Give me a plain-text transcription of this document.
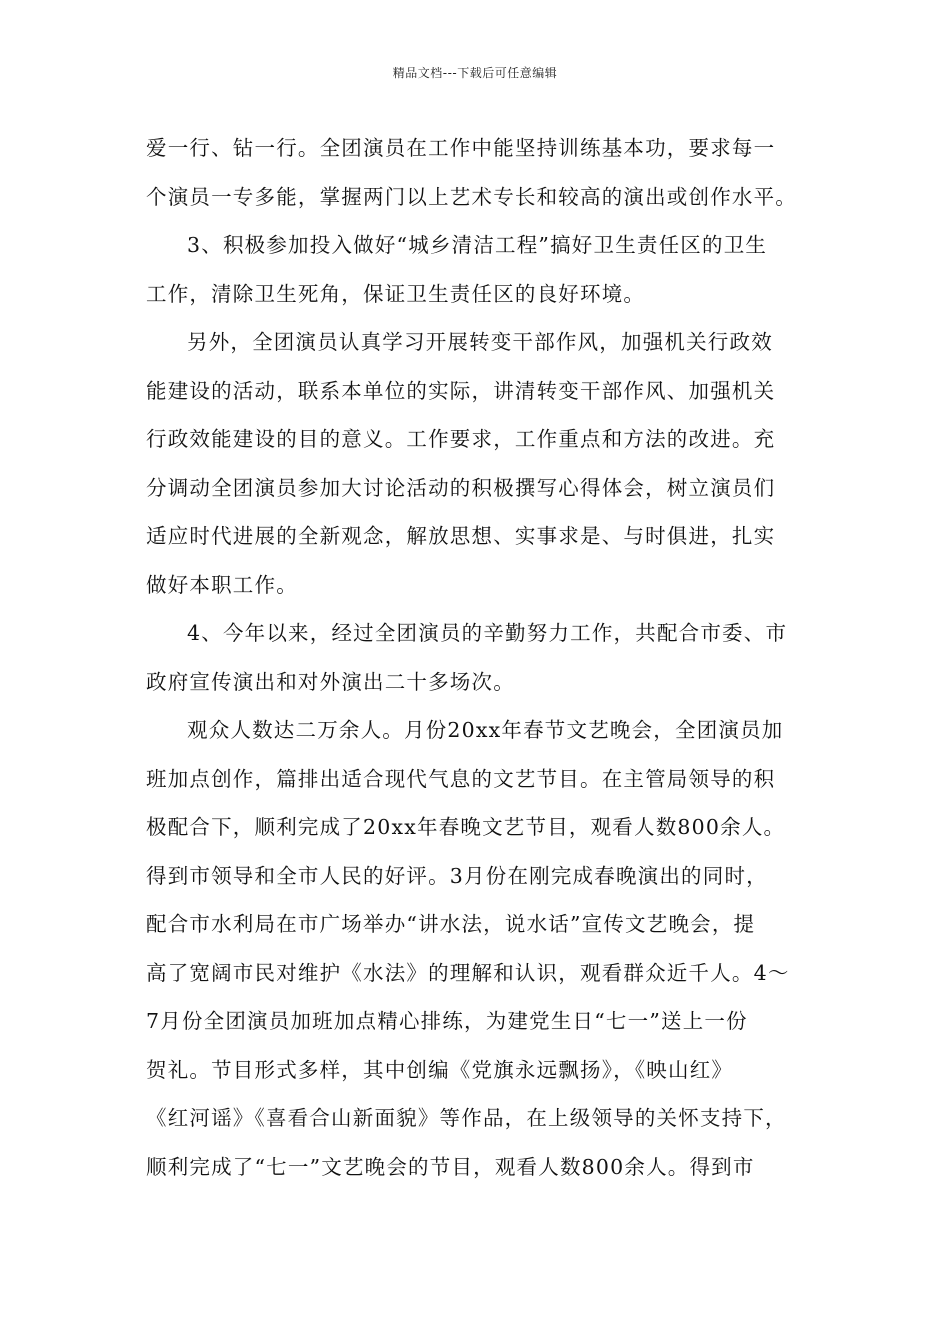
精品文档---下载后可任意编辑
爱一行、钻一行。全团演员在工作中能坚持训练基本功，要求每一
个演员一专多能，掌握两门以上艺术专长和较高的演出或创作水平。
3、积极参加投入做好“城乡清洁工程”搞好卫生责任区的卫生
工作，清除卫生死角，保证卫生责任区的良好环境。
另外，全团演员认真学习开展转变干部作风，加强机关行政效
能建设的活动，联系本单位的实际，讲清转变干部作风、加强机关
行政效能建设的目的意义。工作要求，工作重点和方法的改进。充
分调动全团演员参加大讨论活动的积极撰写心得体会，树立演员们
适应时代进展的全新观念，解放思想、实事求是、与时俱进，扎实
做好本职工作。
4、今年以来，经过全团演员的辛勤努力工作，共配合市委、市
政府宣传演出和对外演出二十多场次。
观众人数达二万余人。月份20xx年春节文艺晚会，全团演员加
班加点创作，篇排出适合现代气息的文艺节目。在主管局领导的积
极配合下，顺利完成了20xx年春晚文艺节目，观看人数800余人。
得到市领导和全市人民的好评。3月份在刚完成春晚演出的同时，
配合市水利局在市广场举办“讲水法，说水话”宣传文艺晚会，提
高了宽阔市民对维护《水法》的理解和认识，观看群众近千人。4～
7月份全团演员加班加点精心排练，为建党生日“七一”送上一份
贺礼。节目形式多样，其中创编《党旗永远飘扬》，《映山红》
《红河谣》《喜看合山新面貌》等作品，在上级领导的关怀支持下，
顺利完成了“七一”文艺晚会的节目，观看人数800余人。得到市
